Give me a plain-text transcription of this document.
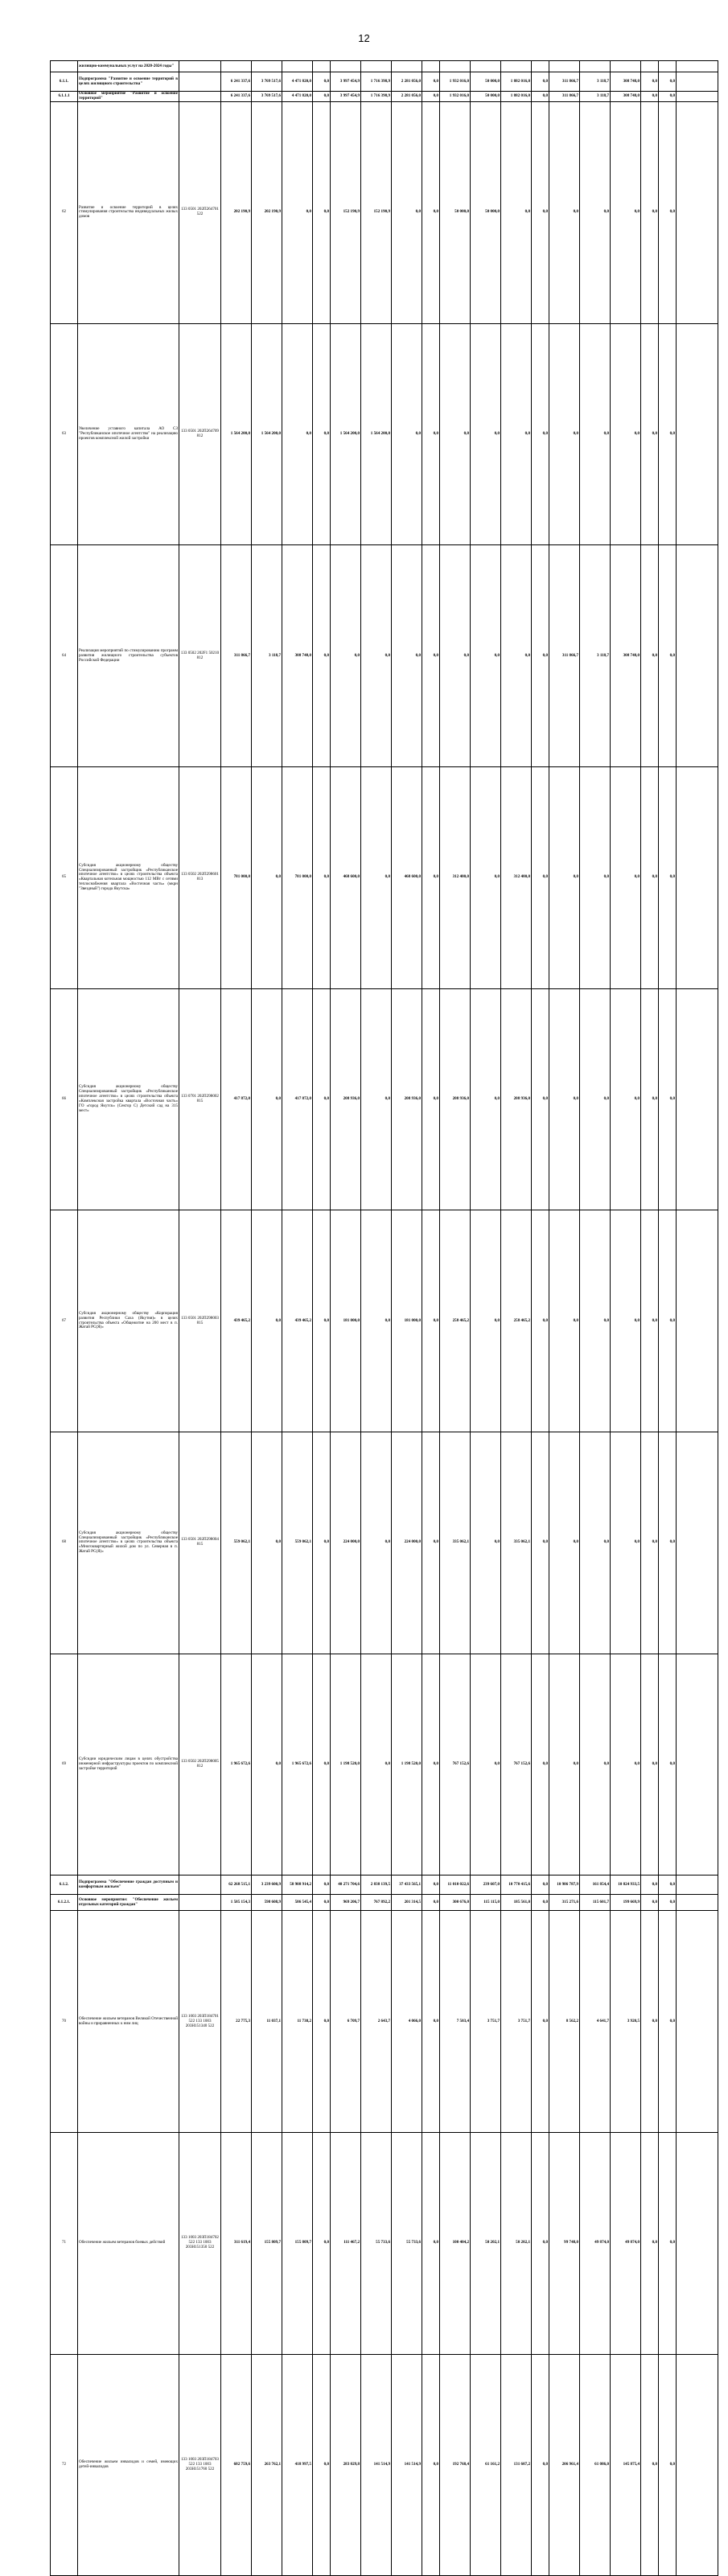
12
	жилищно-коммунальных услуг на 2020-2024 годы"																				
6.1.1.	Подпрограмма "Развитие и освоение территорий в целях жилищного строительства"		6 241 337,6	3 769 517,6	4 471 820,0	0,0	3 997 454,9	1 716 398,9	2 281 056,0	0,0	1 932 016,0	50 000,0	1 882 016,0	0,0	311 866,7	3 118,7	308 748,0	0,0	0,0		
6.1.1.1	Основное мероприятие "Развитие и освоение территорий"		6 241 337,6	3 769 517,6	4 471 820,0	0,0	3 997 454,9	1 716 398,9	2 281 056,0	0,0	1 932 016,0	50 000,0	1 882 016,0	0,0	311 866,7	3 118,7	308 748,0	0,0	0,0		
62	Развитие и освоение территорий в целях стимулирования строительства индивидуальных жилых домов	133 0501 202П264701 522	202 190,9	202 190,9	0,0	0,0	152 190,9	152 190,9	0,0	0,0	50 000,0	50 000,0	0,0	0,0	0,0	0,0	0,0	0,0	0,0		
63	Увеличение уставного капитала АО СЗ "Республиканское ипотечное агентство" на реализацию проектов комплексной жилой застройки	133 0501 202П264709 812	1 564 200,0	1 564 200,0	0,0	0,0	1 564 200,0	1 564 200,0	0,0	0,0	0,0	0,0	0,0	0,0	0,0	0,0	0,0	0,0	0,0		
64	Реализация мероприятий по стимулированию программ развития жилищного строительства субъектов Российской Федерации	133 0502 202F1 50210 812	311 866,7	3 118,7	308 748,0	0,0	0,0	0,0	0,0	0,0	0,0	0,0	0,0	0,0	311 866,7	3 118,7	308 748,0	0,0	0,0		
65	Субсидия акционерному обществу Специализированный застройщик «Республиканское ипотечное агентство» в целях строительства объекта «Квартальная котельная мощностью 112 МВт с сетями теплоснабжения квартала «Восточная часть» (мкрн "Звездный") города Якутска»	133 0502 202П298601 813	781 000,0	0,0	781 000,0	0,0	468 600,0	0,0	468 600,0	0,0	312 400,0	0,0	312 400,0	0,0	0,0	0,0	0,0	0,0	0,0		
66	Субсидия акционерному обществу Специализированный застройщик «Республиканское ипотечное агентство» в целях строительства объекта «Комплексная застройка квартала «Восточная часть» ГО «город Якутск» (Сектор С) Детский сад на 315 мест»	133 0701 202П298002 815	417 872,0	0,0	417 872,0	0,0	208 936,0	0,0	208 936,0	0,0	208 936,0	0,0	208 936,0	0,0	0,0	0,0	0,0	0,0	0,0		
67	Субсидия акционерному обществу «Корпорация развития Республики Саха (Якутия)» в целях строительства объекта «Общежитие на 200 мест в п. Жатай РС(Я)»	133 0501 202П298003 815	439 465,2	0,0	439 465,2	0,0	181 000,0	0,0	181 000,0	0,0	258 465,2	0,0	258 465,2	0,0	0,0	0,0	0,0	0,0	0,0		
68	Субсидия акционерному обществу Специализированный застройщик «Республиканское ипотечное агентство» в целях строительства объекта «Многоквартирный жилой дом по ул. Северная в п. Жатай РС(Я)»	133 0501 202П298004 815	559 062,1	0,0	559 062,1	0,0	224 000,0	0,0	224 000,0	0,0	335 062,1	0,0	335 062,1	0,0	0,0	0,0	0,0	0,0	0,0		
69	Субсидии юридическим лицам в целях обустройства инженерной инфраструктуры проектов по комплексной застройке территорий	133 0502 202П298005 812	1 965 672,6	0,0	1 965 672,6	0,0	1 198 520,0	0,0	1 198 520,0	0,0	767 152,6	0,0	767 152,6	0,0	0,0	0,0	0,0	0,0	0,0		
6.1.2.	Подпрограмма "Обеспечение граждан доступным и комфортным жильем"		62 268 515,1	3 239 600,9	58 908 914,2	0,0	40 271 704,6	2 838 139,5	37 433 565,1	0,0	11 010 022,6	239 607,0	10 770 415,6	0,0	10 986 787,9	161 854,4	10 824 933,5	0,0	0,0		
6.1.2.1.	Основное мероприятие: "Обеспечение жильем отдельных категорий граждан"		1 585 154,3	598 608,9	586 545,4	0,0	969 206,7	767 892,2	201 314,5	0,0	300 676,0	115 115,0	185 561,0	0,0	315 271,6	115 601,7	199 669,9	0,0	0,0		
70	Обеспечение жильем ветеранов Великой Отечественной войны и приравненных к ним лиц	133 1003 203П184701 522 133 1003 203Н151340 522	22 775,3	11 037,1	11 738,2	0,0	6 709,7	2 643,7	4 066,0	0,0	7 503,4	3 751,7	3 751,7	0,0	8 562,2	4 641,7	3 920,5	0,0	0,0		
71	Обеспечение жильем ветеранов боевых действий	133 1003 203П184702 522 133 1003 203Н151350 522	311 619,4	155 809,7	155 809,7	0,0	111 467,2	55 733,6	55 733,6	0,0	100 404,2	50 202,1	50 202,1	0,0	99 748,0	49 874,0	49 874,0	0,0	0,0		
72	Обеспечение жильем инвалидов и семей, имеющих детей-инвалидов	133 1003 203П184703 522 133 1003 203Н151760 522	682 759,6	263 762,1	418 997,5	0,0	283 029,8	141 514,9	141 514,9	0,0	192 768,4	61 161,2	131 607,2	0,0	206 961,4	61 086,0	145 875,4	0,0	0,0		
